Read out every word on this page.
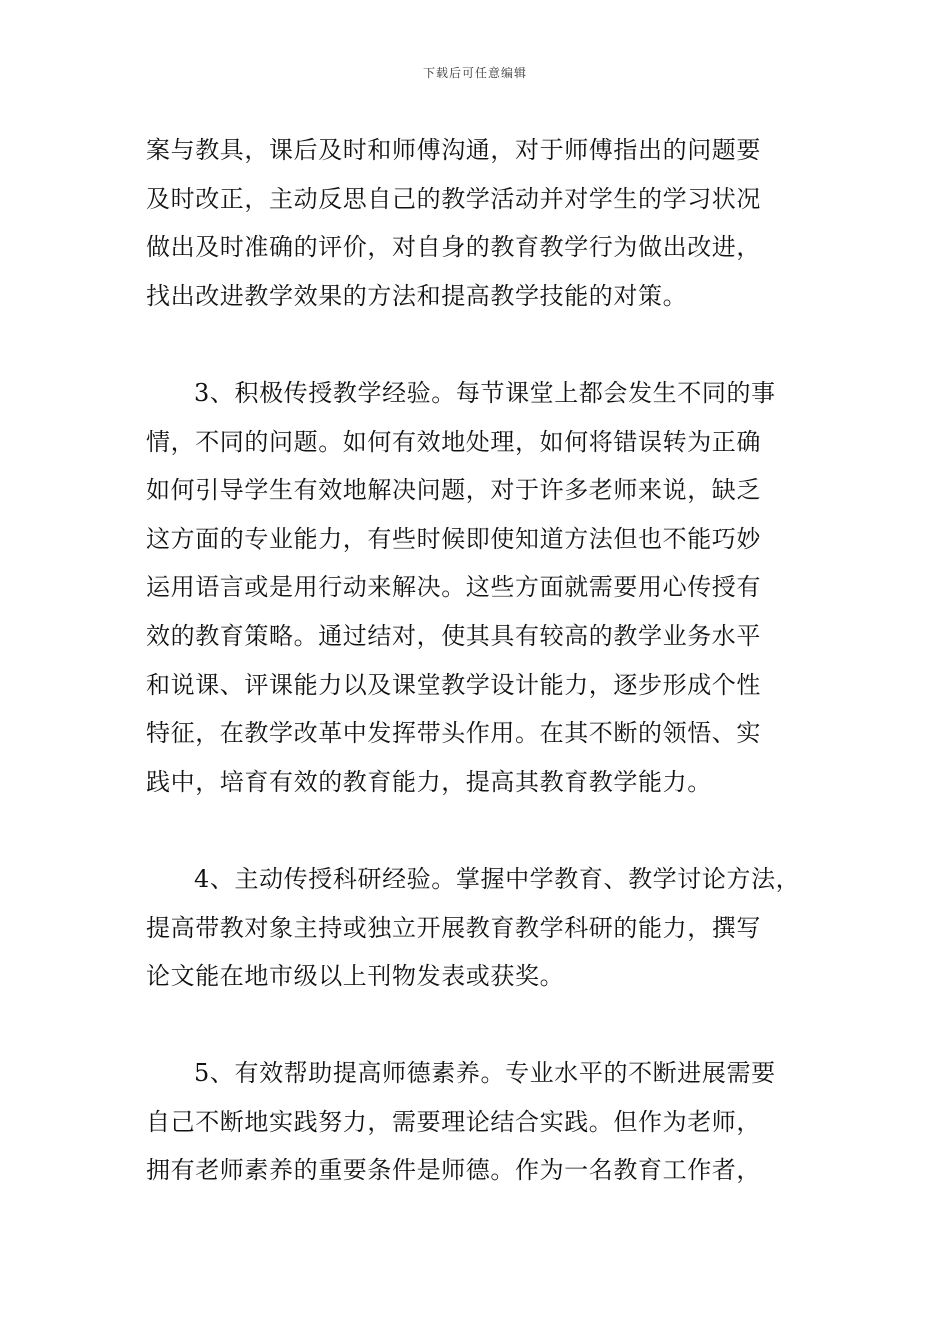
下载后可任意编辑
案与教具，课后及时和师傅沟通，对于师傅指出的问题要
及时改正，主动反思自己的教学活动并对学生的学习状况
做出及时准确的评价，对自身的教育教学行为做出改进，
找出改进教学效果的方法和提高教学技能的对策。
3、积极传授教学经验。每节课堂上都会发生不同的事
情，不同的问题。如何有效地处理，如何将错误转为正确
如何引导学生有效地解决问题，对于许多老师来说，缺乏
这方面的专业能力，有些时候即使知道方法但也不能巧妙
运用语言或是用行动来解决。这些方面就需要用心传授有
效的教育策略。通过结对，使其具有较高的教学业务水平
和说课、评课能力以及课堂教学设计能力，逐步形成个性
特征，在教学改革中发挥带头作用。在其不断的领悟、实
践中，培育有效的教育能力，提高其教育教学能力。
4、主动传授科研经验。掌握中学教育、教学讨论方法，
提高带教对象主持或独立开展教育教学科研的能力，撰写
论文能在地市级以上刊物发表或获奖。
5、有效帮助提高师德素养。专业水平的不断进展需要
自己不断地实践努力，需要理论结合实践。但作为老师，
拥有老师素养的重要条件是师德。作为一名教育工作者，
